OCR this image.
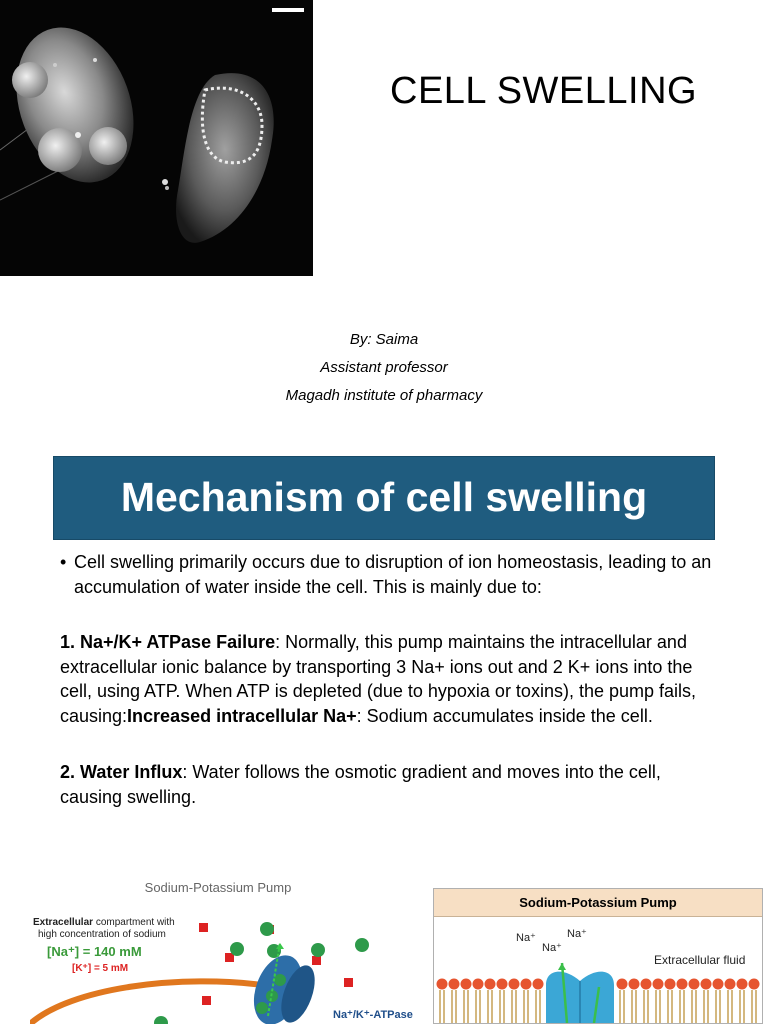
CELL SWELLING
By: Saima
Assistant professor
Magadh institute of pharmacy
Mechanism of cell swelling
• Cell swelling primarily occurs due to disruption of ion homeostasis, leading to an accumulation of water inside the cell. This is mainly due to:
1. Na+/K+ ATPase Failure: Normally, this pump maintains the intracellular and extracellular ionic balance by transporting 3 Na+ ions out and 2 K+ ions into the cell, using ATP. When ATP is depleted (due to hypoxia or toxins), the pump fails, causing:Increased intracellular Na+: Sodium accumulates inside the cell.
2. Water Influx: Water follows the osmotic gradient and moves into the cell, causing swelling.
Sodium-Potassium Pump
Extracellular compartment with
high concentration of sodium
[Na⁺] = 140 mM
[K⁺] = 5 mM
Na⁺/K⁺-ATPase
Sodium-Potassium Pump
Na⁺
Na⁺
Na⁺
Extracellular fluid
